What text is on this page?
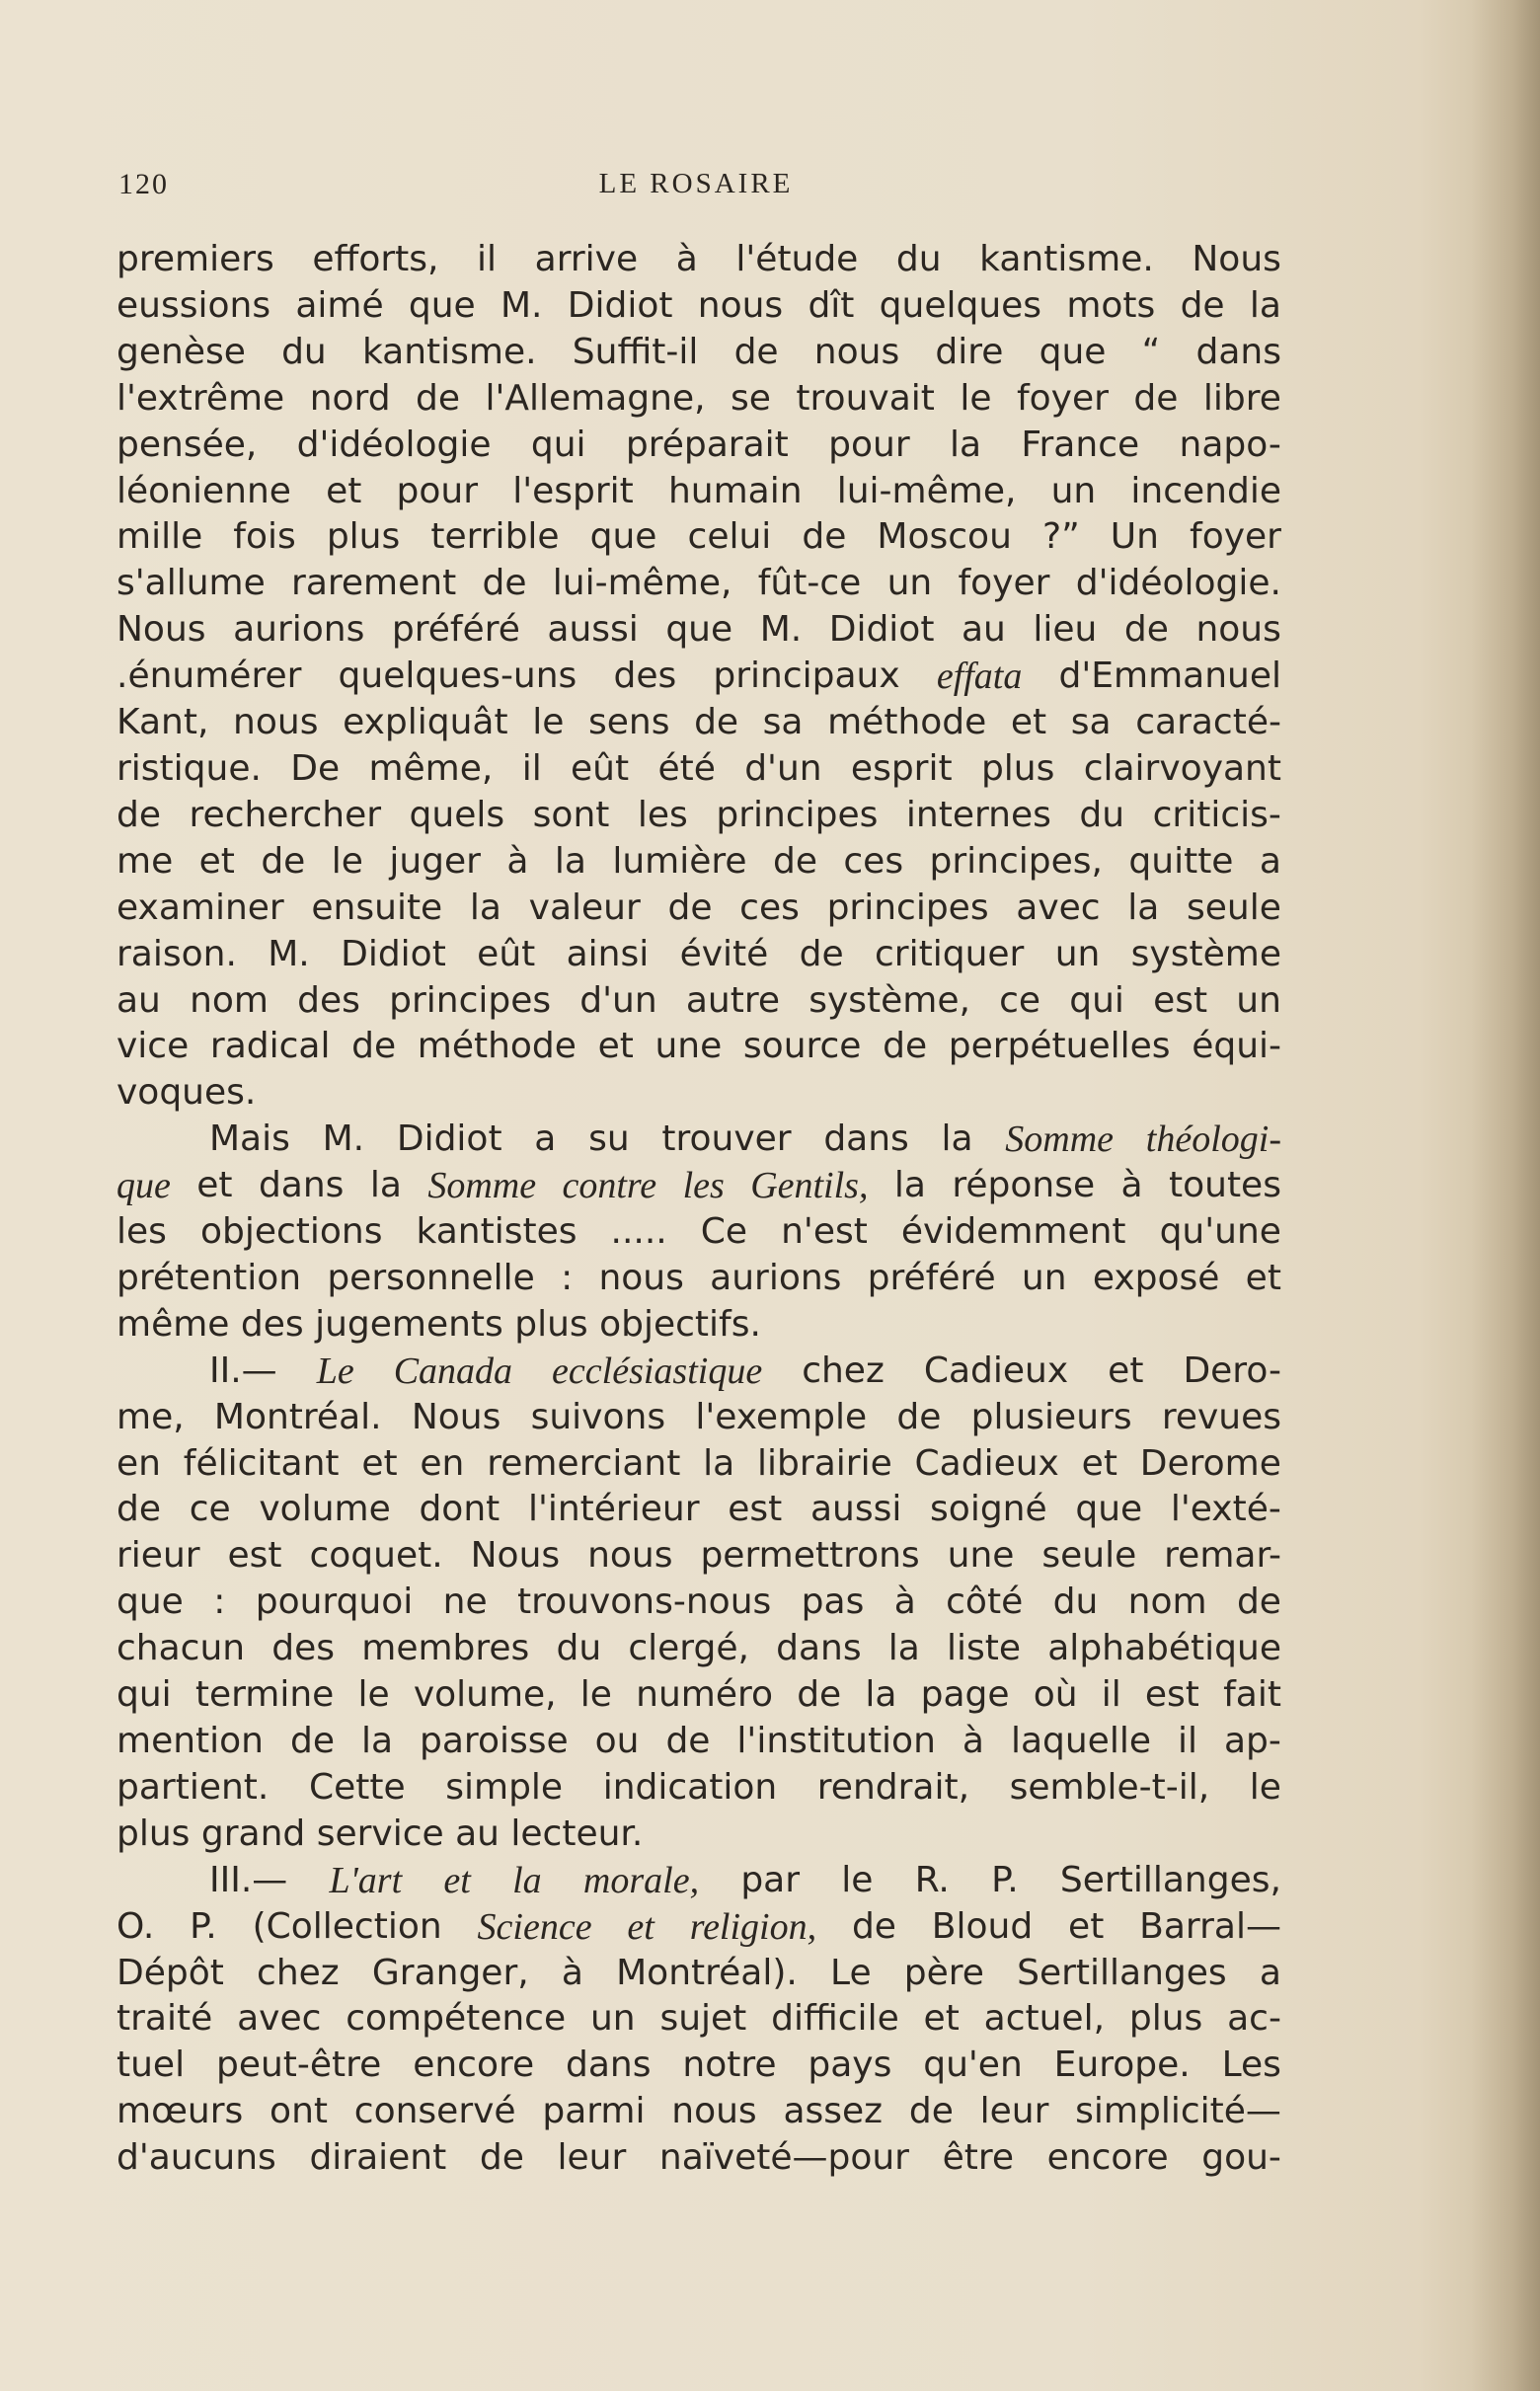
LE ROSAIRE
120
premiers efforts, il arrive à l'étude du kantisme. Nous
eussions aimé que M. Didiot nous dît quelques mots de la
genèse du kantisme. Suffit-il de nous dire que “ dans
l'extrême nord de l'Allemagne, se trouvait le foyer de libre
pensée, d'idéologie qui préparait pour la France napo-
léonienne et pour l'esprit humain lui-même, un incendie
mille fois plus terrible que celui de Moscou ?” Un foyer
s'allume rarement de lui-même, fût-ce un foyer d'idéologie.
Nous aurions préféré aussi que M. Didiot au lieu de nous
.énumérer quelques-uns des principaux effata d'Emmanuel
Kant, nous expliquât le sens de sa méthode et sa caracté-
ristique. De même, il eût été d'un esprit plus clairvoyant
de rechercher quels sont les principes internes du criticis-
me et de le juger à la lumière de ces principes, quitte a
examiner ensuite la valeur de ces principes avec la seule
raison. M. Didiot eût ainsi évité de critiquer un système
au nom des principes d'un autre système, ce qui est un
vice radical de méthode et une source de perpétuelles équi-
voques.
Mais M. Didiot a su trouver dans la Somme théologi-
que et dans la Somme contre les Gentils, la réponse à toutes
les objections kantistes ..... Ce n'est évidemment qu'une
prétention personnelle : nous aurions préféré un exposé et
même des jugements plus objectifs.
II.— Le Canada ecclésiastique chez Cadieux et Dero-
me, Montréal. Nous suivons l'exemple de plusieurs revues
en félicitant et en remerciant la librairie Cadieux et Derome
de ce volume dont l'intérieur est aussi soigné que l'exté-
rieur est coquet. Nous nous permettrons une seule remar-
que : pourquoi ne trouvons-nous pas à côté du nom de
chacun des membres du clergé, dans la liste alphabétique
qui termine le volume, le numéro de la page où il est fait
mention de la paroisse ou de l'institution à laquelle il ap-
partient. Cette simple indication rendrait, semble-t-il, le
plus grand service au lecteur.
III.— L'art et la morale, par le R. P. Sertillanges,
O. P. (Collection Science et religion, de Bloud et Barral—
Dépôt chez Granger, à Montréal). Le père Sertillanges a
traité avec compétence un sujet difficile et actuel, plus ac-
tuel peut-être encore dans notre pays qu'en Europe. Les
mœurs ont conservé parmi nous assez de leur simplicité—
d'aucuns diraient de leur naïveté—pour être encore gou-
